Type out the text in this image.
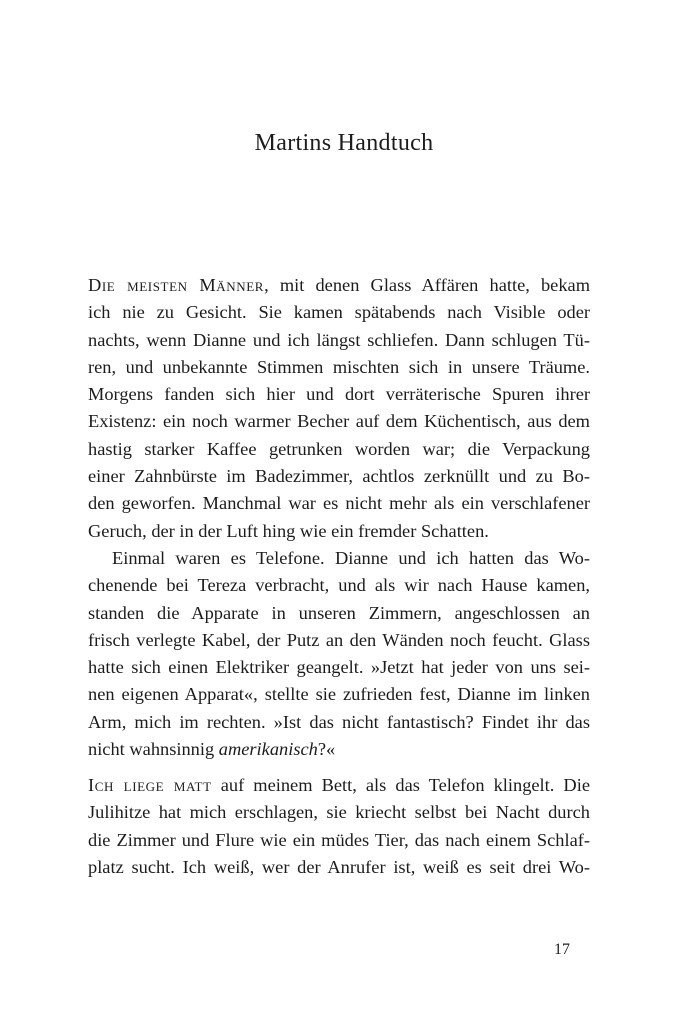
Martins Handtuch
Die meisten Männer, mit denen Glass Affären hatte, bekam
ich nie zu Gesicht. Sie kamen spätabends nach Visible oder
nachts, wenn Dianne und ich längst schliefen. Dann schlugen Tü-
ren, und unbekannte Stimmen mischten sich in unsere Träume.
Morgens fanden sich hier und dort verräterische Spuren ihrer
Existenz: ein noch warmer Becher auf dem Küchentisch, aus dem
hastig starker Kaffee getrunken worden war; die Verpackung
einer Zahnbürste im Badezimmer, achtlos zerknüllt und zu Bo-
den geworfen. Manchmal war es nicht mehr als ein verschlafener
Geruch, der in der Luft hing wie ein fremder Schatten.
Einmal waren es Telefone. Dianne und ich hatten das Wo-
chenende bei Tereza verbracht, und als wir nach Hause kamen,
standen die Apparate in unseren Zimmern, angeschlossen an
frisch verlegte Kabel, der Putz an den Wänden noch feucht. Glass
hatte sich einen Elektriker geangelt. »Jetzt hat jeder von uns sei-
nen eigenen Apparat«, stellte sie zufrieden fest, Dianne im linken
Arm, mich im rechten. »Ist das nicht fantastisch? Findet ihr das
nicht wahnsinnig amerikanisch?«
Ich liege matt auf meinem Bett, als das Telefon klingelt. Die
Julihitze hat mich erschlagen, sie kriecht selbst bei Nacht durch
die Zimmer und Flure wie ein müdes Tier, das nach einem Schlaf-
platz sucht. Ich weiß, wer der Anrufer ist, weiß es seit drei Wo-
17
